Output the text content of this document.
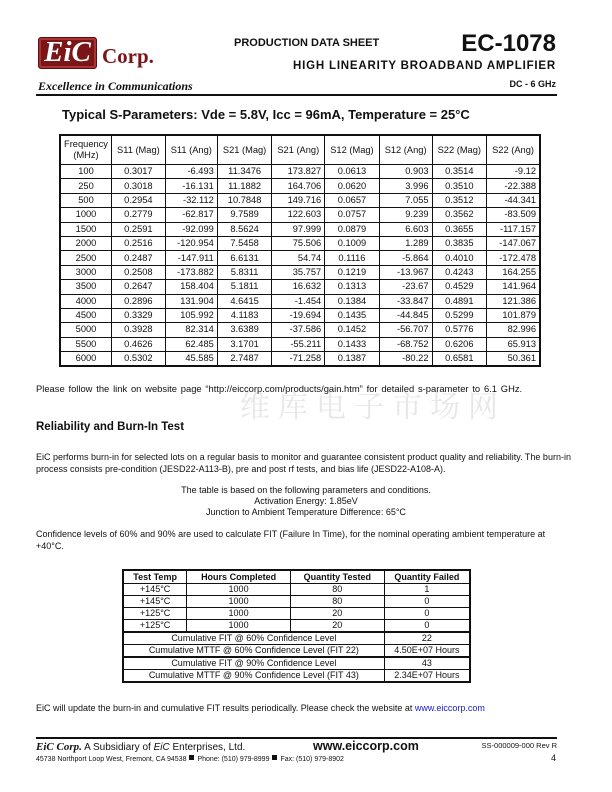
EiC Corp.
Excellence in Communications
PRODUCTION DATA SHEET	EC-1078
HIGH LINEARITY BROADBAND AMPLIFIER
DC - 6 GHz
Typical S-Parameters: Vde = 5.8V, Icc = 96mA, Temperature = 25°C
Frequency (MHz)	S11 (Mag)	S11 (Ang)	S21 (Mag)	S21 (Ang)	S12 (Mag)	S12 (Ang)	S22 (Mag)	S22 (Ang)
100	0.3017	-6.493	11.3476	173.827	0.0613	0.903	0.3514	-9.12
250	0.3018	-16.131	11.1882	164.706	0.0620	3.996	0.3510	-22.388
500	0.2954	-32.112	10.7848	149.716	0.0657	7.055	0.3512	-44.341
1000	0.2779	-62.817	9.7589	122.603	0.0757	9.239	0.3562	-83.509
1500	0.2591	-92.099	8.5624	97.999	0.0879	6.603	0.3655	-117.157
2000	0.2516	-120.954	7.5458	75.506	0.1009	1.289	0.3835	-147.067
2500	0.2487	-147.911	6.6131	54.74	0.1116	-5.864	0.4010	-172.478
3000	0.2508	-173.882	5.8311	35.757	0.1219	-13.967	0.4243	164.255
3500	0.2647	158.404	5.1811	16.632	0.1313	-23.67	0.4529	141.964
4000	0.2896	131.904	4.6415	-1.454	0.1384	-33.847	0.4891	121.386
4500	0.3329	105.992	4.1183	-19.694	0.1435	-44.845	0.5299	101.879
5000	0.3928	82.314	3.6389	-37.586	0.1452	-56.707	0.5776	82.996
5500	0.4626	62.485	3.1701	-55.211	0.1433	-68.752	0.6206	65.913
6000	0.5302	45.585	2.7487	-71.258	0.1387	-80.22	0.6581	50.361
维库电子市场网
Please follow the link on website page “http://eiccorp.com/products/gain.htm” for detailed s-parameter to 6.1 GHz.
Reliability and Burn-In Test
EiC performs burn-in for selected lots on a regular basis to monitor and guarantee consistent product quality and reliability. The burn-in process consists pre-condition (JESD22-A113-B), pre and post rf tests, and bias life (JESD22-A108-A).
The table is based on the following parameters and conditions.
Activation Energy: 1.85eV
Junction to Ambient Temperature Difference: 65°C
Confidence levels of 60% and 90% are used to calculate FIT (Failure In Time), for the nominal operating ambient temperature at +40°C.
Test Temp	Hours Completed	Quantity Tested	Quantity Failed
+145°C	1000	80	1
+145°C	1000	80	0
+125°C	1000	20	0
+125°C	1000	20	0
Cumulative FIT @ 60% Confidence Level			22
Cumulative MTTF @ 60% Confidence Level (FIT 22)			4.50E+07 Hours
Cumulative FIT @ 90% Confidence Level			43
Cumulative MTTF @ 90% Confidence Level (FIT 43)			2.34E+07 Hours
EiC will update the burn-in and cumulative FIT results periodically. Please check the website at www.eiccorp.com
EiC Corp. A Subsidiary of EiC Enterprises, Ltd.	www.eiccorp.com	SS-000009-000 Rev R
45738 Northport Loop West, Fremont, CA 94538 Phone: (510) 979-8999 Fax: (510) 979-8902	4
